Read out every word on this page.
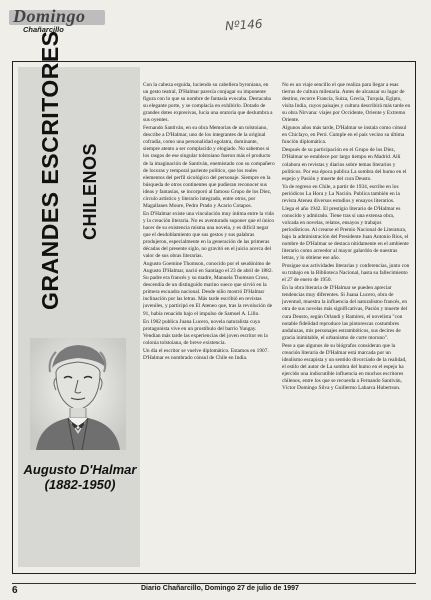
Domingo
Chañarcillo	Nº146
GRANDES ESCRITORES CHILENOS
Augusto D'Halmar
(1882-1950)

Con la cabeza erguida, luciendo su cabellera byroniana, en un gesto teatral, D'Halmar parecía conjugar su imponente figura con lo que su nombre de fantasía evocaba. Destacaba su elegante porte, y se complacía en exhibirlo. Dotado de grandes dotes expresivas, lucía una oratoria que deslumbra a sus oyentes.

Fernando Santiván, en su obra Memorias de un tolstoiano, describe a D'Halmar, uno de los integrantes de la original cofradía, como una personalidad egolatra, dominante, siempre atento a ser complacido y elogiado. No sabemos si los rasgos de ese singular tolstoiano fueron más el producto de la imaginación de Santiván, enemistado con su compañero de locuras y temporal pariente político, que los reales elementos del perfil sicológico del personaje. Siempre en la búsqueda de otros continentes que pudieran reconocer sus ideas y fantasías, se incorporó al famoso Grupo de los Diez, círculo artístico y literario integrado, entre otros, por Magallanes Moure, Pedro Prado y Acario Cotapos.

En D'Halmar existe una vinculación muy íntima entre la vida y la creación literaria. No es aventurado suponer que el único hacer de su existencia misma una novela, y es difícil negar que el desdoblamiento que sus gestos y sus palabras produjeron, especialmente en la generación de las primeras décadas del presente siglo, no gravitó en el juicio acerca del valor de sus obras literarias.

Augusto Goemine Thomson, conocido por el seudónimo de Augusto D'Halmar, nació en Santiago el 23 de abril de 1882. Su padre era francés y su madre, Manuela Thomson Cross, descendía de un distinguido marino sueco que sirvió en la primera escuadra nacional. Desde niño mostró D'Halmar inclinación por las letras. Más tarde escribió en revistas juveniles, y participó en El Ateneo que, tras la revolución de 91, había renacido bajo el impulso de Samuel A. Lillo.

En 1902 publica Juana Lucero, novela naturalista cuya protagonista vive en un prostíbulo del barrio Yungay. Vendían más tarde las experiencias del joven escritor en la colonia tolstoiana, de breve existencia.

Un día el escritor se vuelve diplomático. Estamos en 1907. D'Halmar es nombrado cónsul de Chile en India.

No es un viaje sencillo el que realiza para llegar a esas tierras de cultura milenaria. Antes de alcanzar su lugar de destino, recorre Francia, Suiza, Grecia, Turquía, Egipto, visita India, cuyos paisajes y cultura describirá más tarde en su obra Nirvana: viajes por Occidente, Oriente y Extremo Oriente.

Algunos años más tarde, D'Halmar se instala como cónsul en Chiclayo, en Perú. Cumple en el país vecino su última función diplomática.

Después de su participación en el Grupo de los Diez, D'Halmar se establece por largo tiempo en Madrid. Allí colabora en revistas y diarios sobre temas literarios y políticos. Por esa época publica La sombra del humo en el espejo y Pasión y muerte del cura Deusto.

Ya de regreso en Chile, a partir de 1934, escribe en los periódicos La Hora y La Nación. Publica también en la revista Atenea diversos estudios y ensayos literarios.

Llega el año 1942. El prestigio literario de D'Halmar es conocido y admirado. Tiene tras sí una extensa obra, volcada en novelas, relatos, ensayos y trabajos periodísticos. Al crearse el Premio Nacional de Literatura, bajo la administración del Presidente Juan Antonio Ríos, el nombre de D'Halmar se destaca nítidamente en el ambiente literario como acreedor al mayor galardón de nuestras letras, y lo obtiene ese año.

Prosigue sus actividades literarias y conferencias, junto con su trabajo en la Biblioteca Nacional, hasta su fallecimiento el 27 de enero de 1950.

En la obra literaria de D'Halmar se pueden apreciar tendencias muy diferentes. Si Juana Lucero, obra de juventud, muestra la influencia del naturalismo francés, en otra de sus novelas más significativas, Pasión y muerte del cura Deusto, según Orlandi y Ramírez, el novelista "con notable fidelidad reproduce las pintorescas costumbres andaluzas, mis personajes estrambóticos, sus decires de gracia inimitable, el urbanismo de corte moruno".

Pese a que algunos de su biógrafos consideran que la creación literaria de D'Halmar está marcada por un idealismo escapista y un sentido divorciado de la realidad, el estilo del autor de La sombra del humo en el espejo ha ejercido una indiscutible influencia en muchos escritores chilenos, entre los que se recuerda a Fernando Santiván, Víctor Domingo Silva y Guillermo Labarca Hubertson.

6	Diario Chañarcillo, Domingo 27 de julio de 1997
